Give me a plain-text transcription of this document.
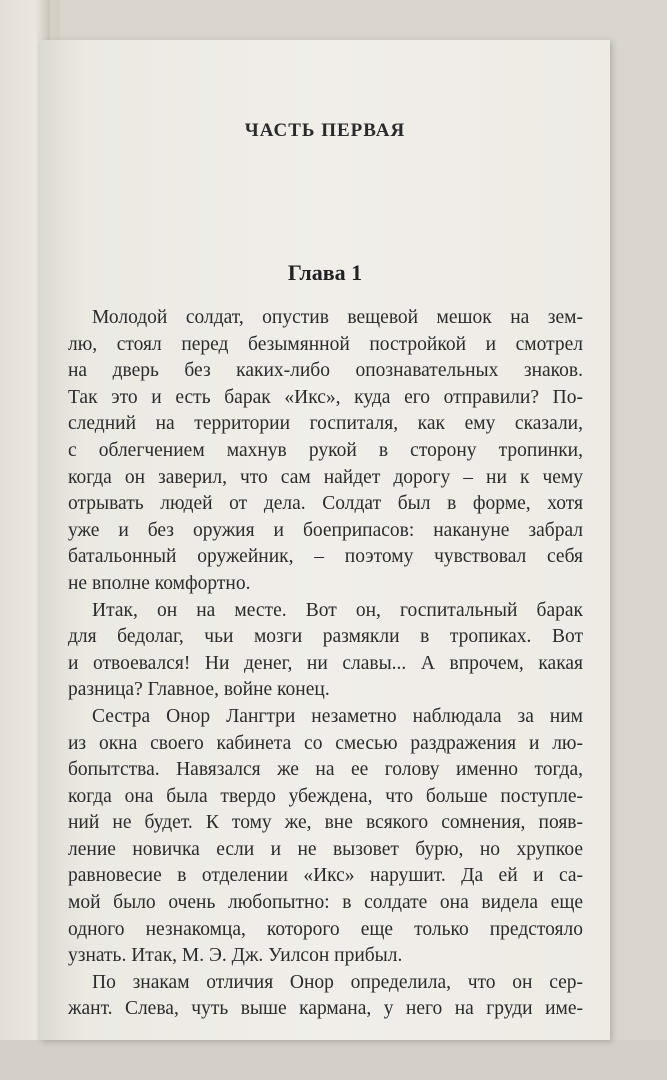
ЧАСТЬ ПЕРВАЯ
Глава 1
Молодой солдат, опустив вещевой мешок на зем-
лю, стоял перед безымянной постройкой и смотрел
на дверь без каких-либо опознавательных знаков.
Так это и есть барак «Икс», куда его отправили? По-
следний на территории госпиталя, как ему сказали,
с облегчением махнув рукой в сторону тропинки,
когда он заверил, что сам найдет дорогу – ни к чему
отрывать людей от дела. Солдат был в форме, хотя
уже и без оружия и боеприпасов: накануне забрал
батальонный оружейник, – поэтому чувствовал себя
не вполне комфортно.
Итак, он на месте. Вот он, госпитальный барак
для бедолаг, чьи мозги размякли в тропиках. Вот
и отвоевался! Ни денег, ни славы... А впрочем, какая
разница? Главное, войне конец.
Сестра Онор Лангтри незаметно наблюдала за ним
из окна своего кабинета со смесью раздражения и лю-
бопытства. Навязался же на ее голову именно тогда,
когда она была твердо убеждена, что больше поступле-
ний не будет. К тому же, вне всякого сомнения, появ-
ление новичка если и не вызовет бурю, но хрупкое
равновесие в отделении «Икс» нарушит. Да ей и са-
мой было очень любопытно: в солдате она видела еще
одного незнакомца, которого еще только предстояло
узнать. Итак, М. Э. Дж. Уилсон прибыл.
По знакам отличия Онор определила, что он сер-
жант. Слева, чуть выше кармана, у него на груди име-
